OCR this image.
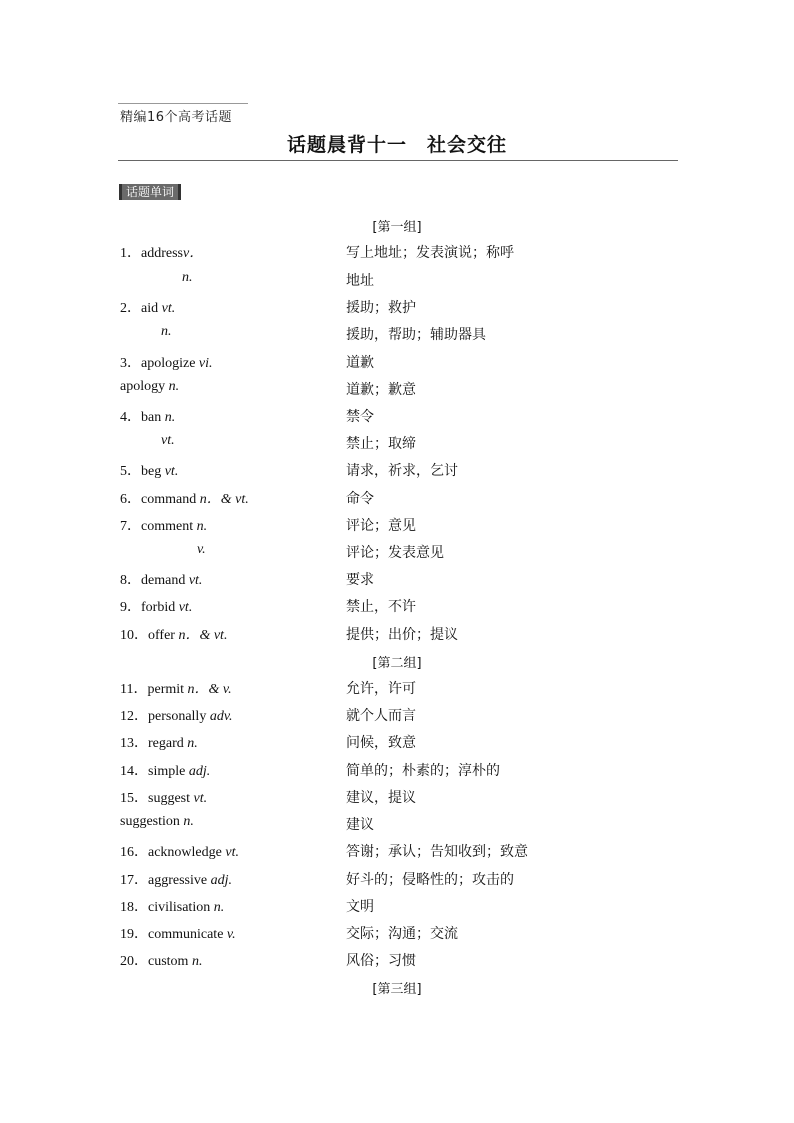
精编16个高考话题
话题晨背十一　社会交往
话题单词
[第一组]
1．addressv．	写上地址；发表演说；称呼
n.	地址
2．aid vt.	援助；救护
n.	援助，帮助；辅助器具
3．apologize vi.	道歉
apology n.	道歉；歉意
4．ban n.	禁令
vt.	禁止；取缔
5．beg vt.	请求，祈求，乞讨
6．command n．& vt.	命令
7．comment n.	评论；意见
v.	评论；发表意见
8．demand vt.	要求
9．forbid vt.	禁止，不许
10．offer n．& vt.	提供；出价；提议
[第二组]
11．permit n．& v.	允许，许可
12．personally adv.	就个人而言
13．regard n.	问候，致意
14．simple adj.	简单的；朴素的；淳朴的
15．suggest vt.	建议，提议
suggestion n.	建议
16．acknowledge vt.	答谢；承认；告知收到；致意
17．aggressive adj.	好斗的；侵略性的；攻击的
18．civilisation n.	文明
19．communicate v.	交际；沟通；交流
20．custom n.	风俗；习惯
[第三组]
